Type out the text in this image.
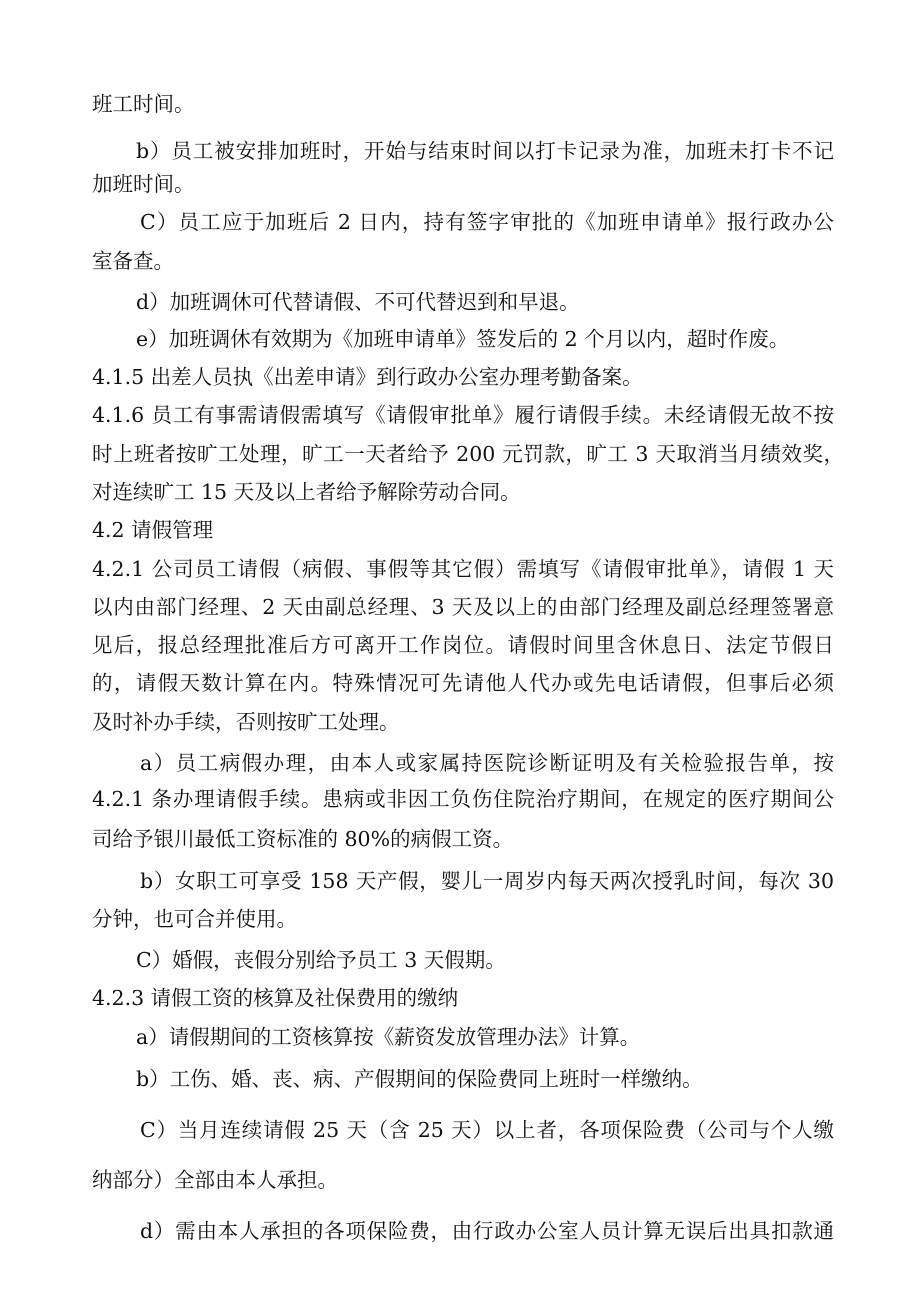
班工时间。
b）员工被安排加班时，开始与结束时间以打卡记录为准，加班未打卡不记
加班时间。
C）员工应于加班后 2 日内，持有签字审批的《加班申请单》报行政办公
室备查。
d）加班调休可代替请假、不可代替迟到和早退。
e）加班调休有效期为《加班申请单》签发后的 2 个月以内，超时作废。
4.1.5 出差人员执《出差申请》到行政办公室办理考勤备案。
4.1.6 员工有事需请假需填写《请假审批单》履行请假手续。未经请假无故不按
时上班者按旷工处理，旷工一天者给予 200 元罚款，旷工 3 天取消当月绩效奖，
对连续旷工 15 天及以上者给予解除劳动合同。
4.2 请假管理
4.2.1 公司员工请假（病假、事假等其它假）需填写《请假审批单》，请假 1 天
以内由部门经理、2 天由副总经理、3 天及以上的由部门经理及副总经理签署意
见后，报总经理批准后方可离开工作岗位。请假时间里含休息日、法定节假日
的，请假天数计算在内。特殊情况可先请他人代办或先电话请假，但事后必须
及时补办手续，否则按旷工处理。
a）员工病假办理，由本人或家属持医院诊断证明及有关检验报告单，按
4.2.1 条办理请假手续。患病或非因工负伤住院治疗期间，在规定的医疗期间公
司给予银川最低工资标准的 80%的病假工资。
b）女职工可享受 158 天产假，婴儿一周岁内每天两次授乳时间，每次 30
分钟，也可合并使用。
C）婚假，丧假分别给予员工 3 天假期。
4.2.3 请假工资的核算及社保费用的缴纳
a）请假期间的工资核算按《薪资发放管理办法》计算。
b）工伤、婚、丧、病、产假期间的保险费同上班时一样缴纳。
C）当月连续请假 25 天（含 25 天）以上者，各项保险费（公司与个人缴
纳部分）全部由本人承担。
d）需由本人承担的各项保险费，由行政办公室人员计算无误后出具扣款通
